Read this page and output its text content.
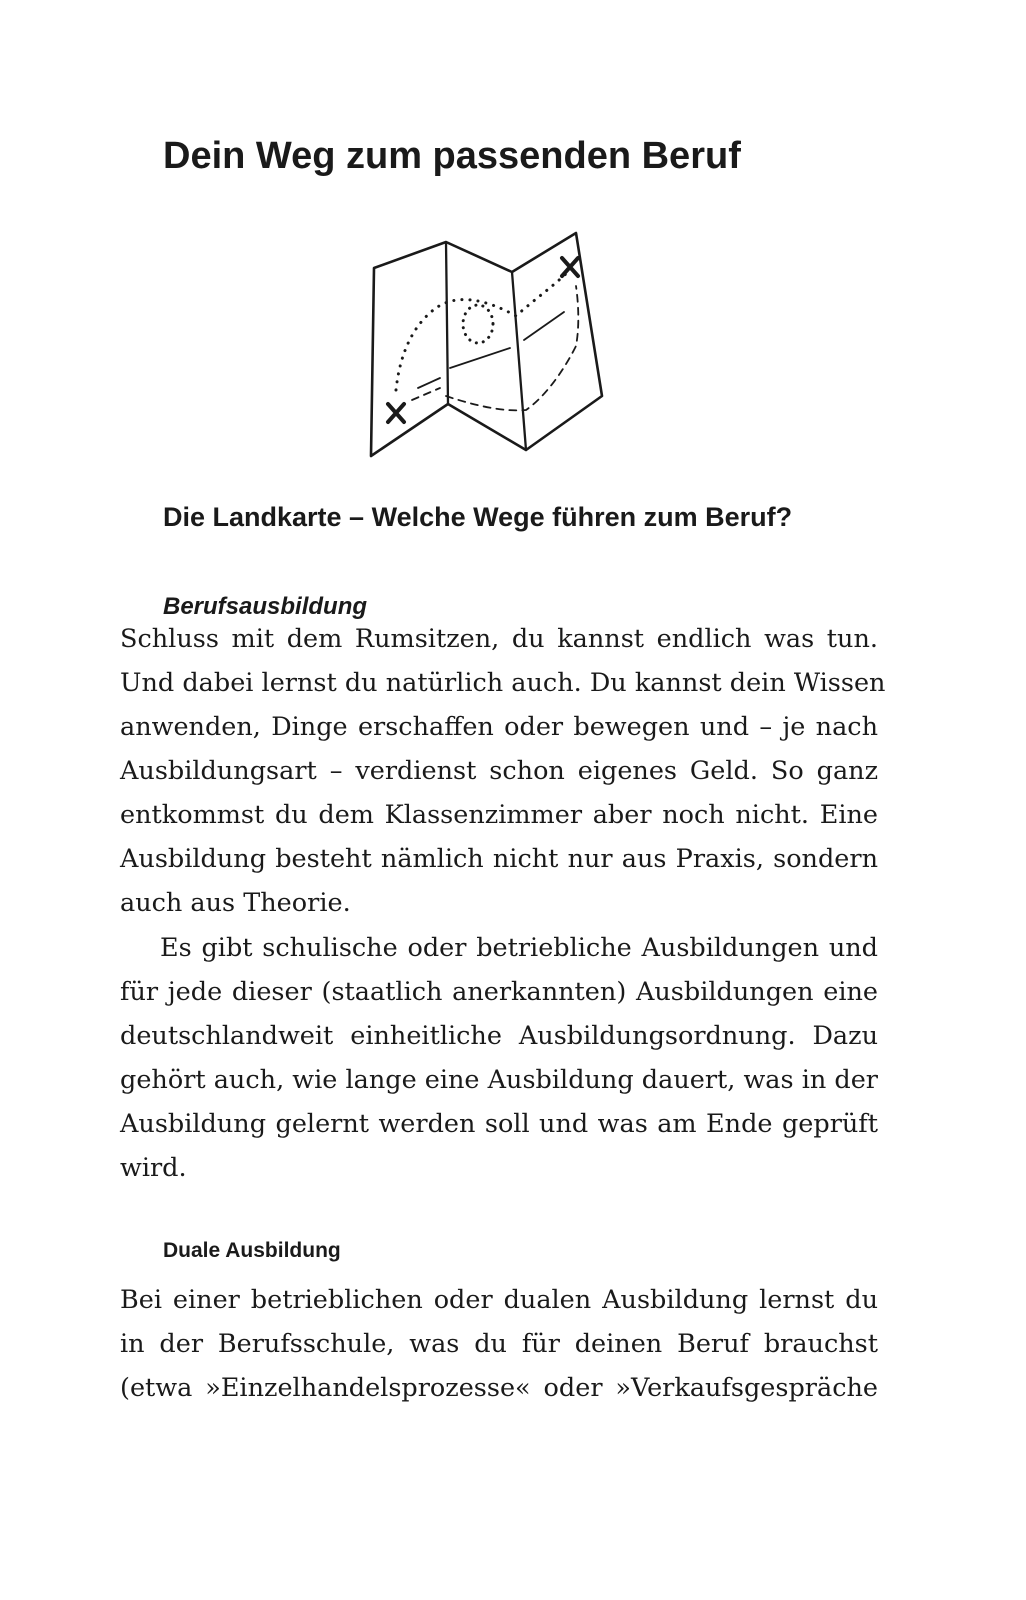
Dein Weg zum passenden Beruf
Die Landkarte – Welche Wege führen zum Beruf?
Berufsausbildung
Schluss mit dem Rumsitzen, du kannst endlich was tun.
Und dabei lernst du natürlich auch. Du kannst dein Wissen
anwenden, Dinge erschaffen oder bewegen und – je nach
Ausbildungsart – verdienst schon eigenes Geld. So ganz
entkommst du dem Klassenzimmer aber noch nicht. Eine
Ausbildung besteht nämlich nicht nur aus Praxis, sondern
auch aus Theorie.
Es gibt schulische oder betriebliche Ausbildungen und
für jede dieser (staatlich anerkannten) Ausbildungen eine
deutschlandweit einheitliche Ausbildungsordnung. Dazu
gehört auch, wie lange eine Ausbildung dauert, was in der
Ausbildung gelernt werden soll und was am Ende geprüft
wird.
Duale Ausbildung
Bei einer betrieblichen oder dualen Ausbildung lernst du
in der Berufsschule, was du für deinen Beruf brauchst
(etwa »Einzelhandelsprozesse« oder »Verkaufsgespräche
